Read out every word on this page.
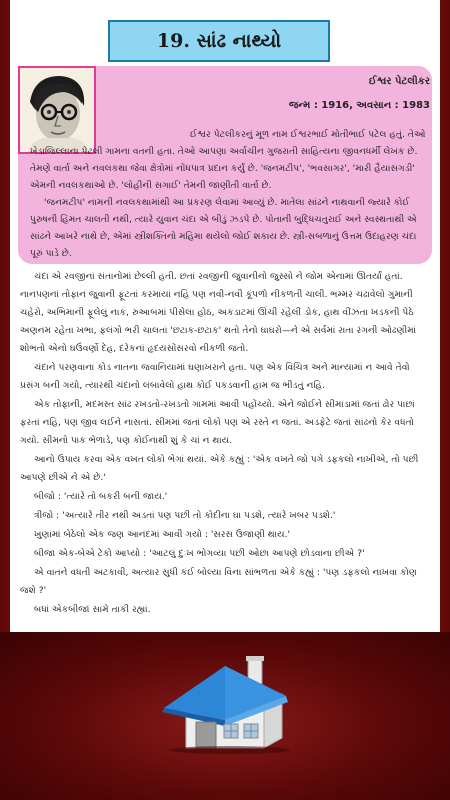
19. સાંઢ નાથ્યો
ઈશ્વર પેટલીકર
જન્મ : 1916, અવસાન : 1983

ઈશ્વર પેટલીકરનું મૂળ નામ ઈશ્વરભાઈ મોતીભાઈ પટેલ હતું. તેઓ ખેડાજિલ્લાના પેટલી ગામના વતની હતા. તેઓ આપણા અર્વાચીન ગુજરાતી સાહિત્યના જીવનધર્મી લેખક છે. તેમણે વાર્તા અને નવલકથા જેવા ક્ષેત્રોમાં નોંધપાત્ર પ્રદાન કર્યું છે. 'જનમટીપ', 'ભવસાગર', 'મારી હૈયાસગડી' એમની નવલકથાઓ છે. 'લોહીની સગાઈ' તેમની જાણીતી વાર્તા છે.

'જનમટીપ' નામની નવલકથામાંથી આ પ્રકરણ લેવામાં આવ્યું છે. માતેલા સાંઢને નાથવાની જ્યારે કોઈ પુરુષની હિંમત ચાલતી નથી, ત્યારે યુવાન ચંદા એ બીડું ઝડપે છે. પોતાની બુદ્ધિચતુરાઈ અને સ્વસ્થતાથી એ સાંઢને આખરે નાથે છે, એમાં સ્ત્રીશક્તિનો મહિમા થયેલો જોઈ શકાય છે. સ્ત્રી-સબળાનું ઉત્તમ ઉદાહરણ ચંદા પૂરું પાડે છે.

ચંદા એ રવજીનાં સંતાનોમાં છેલ્લી હતી. છતાં રવજીની જુવાનીનો જુસ્સો ને જોમ એનામાં ઊતર્યાં હતાં. નાનપણનાં તોફાન જુવાની ફૂટતાં કરમાયાં નહિ પણ નવી-નવી કૂંપળો નીકળતી ચાલી. ભમ્મર ચઢાવેલો ગુમાની ચહેરો, અભિમાની ફૂલેલું નાક, રુઆબમાં પીસેલા હોઠ, અકડાટમાં ઊંચી રહેલી ડોક, હાથ વીંઝતા ખડકની પેઠે અણનમ રહેતા ખભા, ફલંગો ભરી ચાલતાં 'છટાક-છટાક' થતો તેનો ઘાઘરો—ને એ સર્વમાં રાતા રંગની ઓઢણીમાં શોભતો એનો ઘઉંવર્ણો દેહ, દરેકનાં હૃદયસોંસરવો નીકળી જતો.

ચંદાને પરણવાના કોડ નાતના જવાનિયામાં ઘણાખરાને હતા. પણ એક વિચિત્ર અને માન્યામાં ન આવે તેવો પ્રસંગ બની ગયો, ત્યારથી ચંદાનો લંબાવેલો હાથ કોઈ પકડવાની હામ જ ભીડતું નહિ.

એક તોફાની, મદમસ્ત સાંઢ રખડતો-રખડતો ગામમાં આવી પહોંચ્યો. એને જોઈને સીમાડામાં જતાં ઢોર પાછાં ફરતાં નહિ, પણ જીવ લઈને નાસતાં. સીમમાં જતાં લોકો પણ એ રસ્તે ન જતાં. અડફેટે જતાં સાંઢનો કેર વધતો ગયો. સીમનો પાક ભેળાડે, પણ કોઈનાથી શું કે ચાં ન થાય.

આનો ઉપાય કરવા એક વખત લોકો ભેગાં થયાં. એકે કહ્યું : 'એક વખતે જો પગે ડફકલો નાખીએ, તો પછી આપણે છીએ ને એ છે.'

બીજો : 'ત્યારે તો બકરી બની જાય.'

ત્રીજો : 'અત્યારે તીર નથી અડતાં પણ પછી તો કોદીના ઘા પડશે, ત્યારે ખબર પડશે.'

ખુણામાં બેઠેલો એક જણ આનંદમાં આવી ગયો : 'સરસ ઉજાણી થાય.'

બીજા એક-બેએ ટેકો આપ્યો : 'આટલું દુઃખ ભોગવ્યા પછી ઓછા આપણે છોડવાના છીએ ?'

એ વાતને વધતી અટકાવી, અત્યાર સુધી કંઈ બોલ્યા વિના સાંભળતા એકે કહ્યું : 'પણ ડફકલો નાખવા કોણ જશે ?'

બધાં એકબીજાં સામે તાકી રહ્યાં.
